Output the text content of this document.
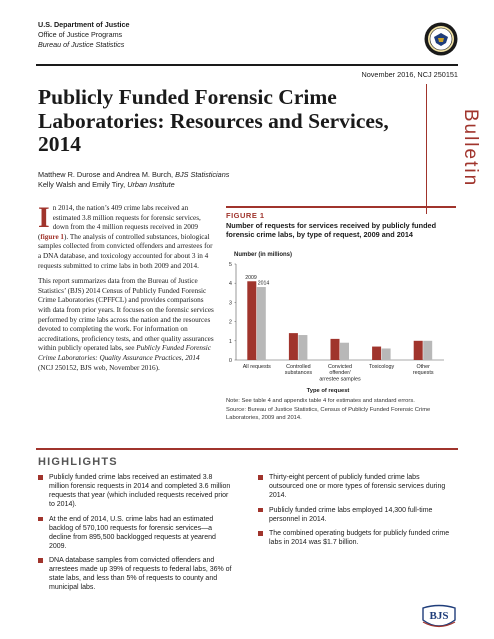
U.S. Department of Justice
Office of Justice Programs
Bureau of Justice Statistics
November 2016, NCJ 250151
Bulletin
Publicly Funded Forensic Crime Laboratories: Resources and Services, 2014
Matthew R. Durose and Andrea M. Burch, BJS Statisticians
Kelly Walsh and Emily Tiry, Urban Institute

In 2014, the nation’s 409 crime labs received an estimated 3.8 million requests for forensic services, down from the 4 million requests received in 2009 (figure 1). The analysis of controlled substances, biological samples collected from convicted offenders and arrestees for a DNA database, and toxicology accounted for about 3 in 4 requests submitted to crime labs in both 2009 and 2014.

This report summarizes data from the Bureau of Justice Statistics’ (BJS) 2014 Census of Publicly Funded Forensic Crime Laboratories (CPFFCL) and provides comparisons with data from prior years. It focuses on the forensic services performed by crime labs across the nation and the resources devoted to completing the work. For information on accreditations, proficiency tests, and other quality assurances within publicly operated labs, see Publicly Funded Forensic Crime Laboratories: Quality Assurance Practices, 2014 (NCJ 250152, BJS web, November 2016).

FIGURE 1
Number of requests for services received by publicly funded forensic crime labs, by type of request, 2009 and 2014
Number (in millions)
0
1
2
3
4
5
All requests	Controlled substances
Convicted offender/ arrestee samples
Toxicology	Other requests
2009
2014
Type of request
Note: See table 4 and appendix table 4 for estimates and standard errors.
Source: Bureau of Justice Statistics, Census of Publicly Funded Forensic Crime Laboratories, 2009 and 2014.
HIGHLIGHTS
Publicly funded crime labs received an estimated 3.8 million forensic requests in 2014 and completed 3.6 million requests that year (which included requests received prior to 2014).
At the end of 2014, U.S. crime labs had an estimated backlog of 570,100 requests for forensic services—a decline from 895,500 backlogged requests at yearend 2009.
DNA database samples from convicted offenders and arrestees made up 39% of requests to federal labs, 36% of state labs, and less than 5% of requests to county and municipal labs.
Thirty-eight percent of publicly funded crime labs outsourced one or more types of forensic services during 2014.
Publicly funded crime labs employed 14,300 full-time personnel in 2014.
The combined operating budgets for publicly funded crime labs in 2014 was $1.7 billion.
BJS
